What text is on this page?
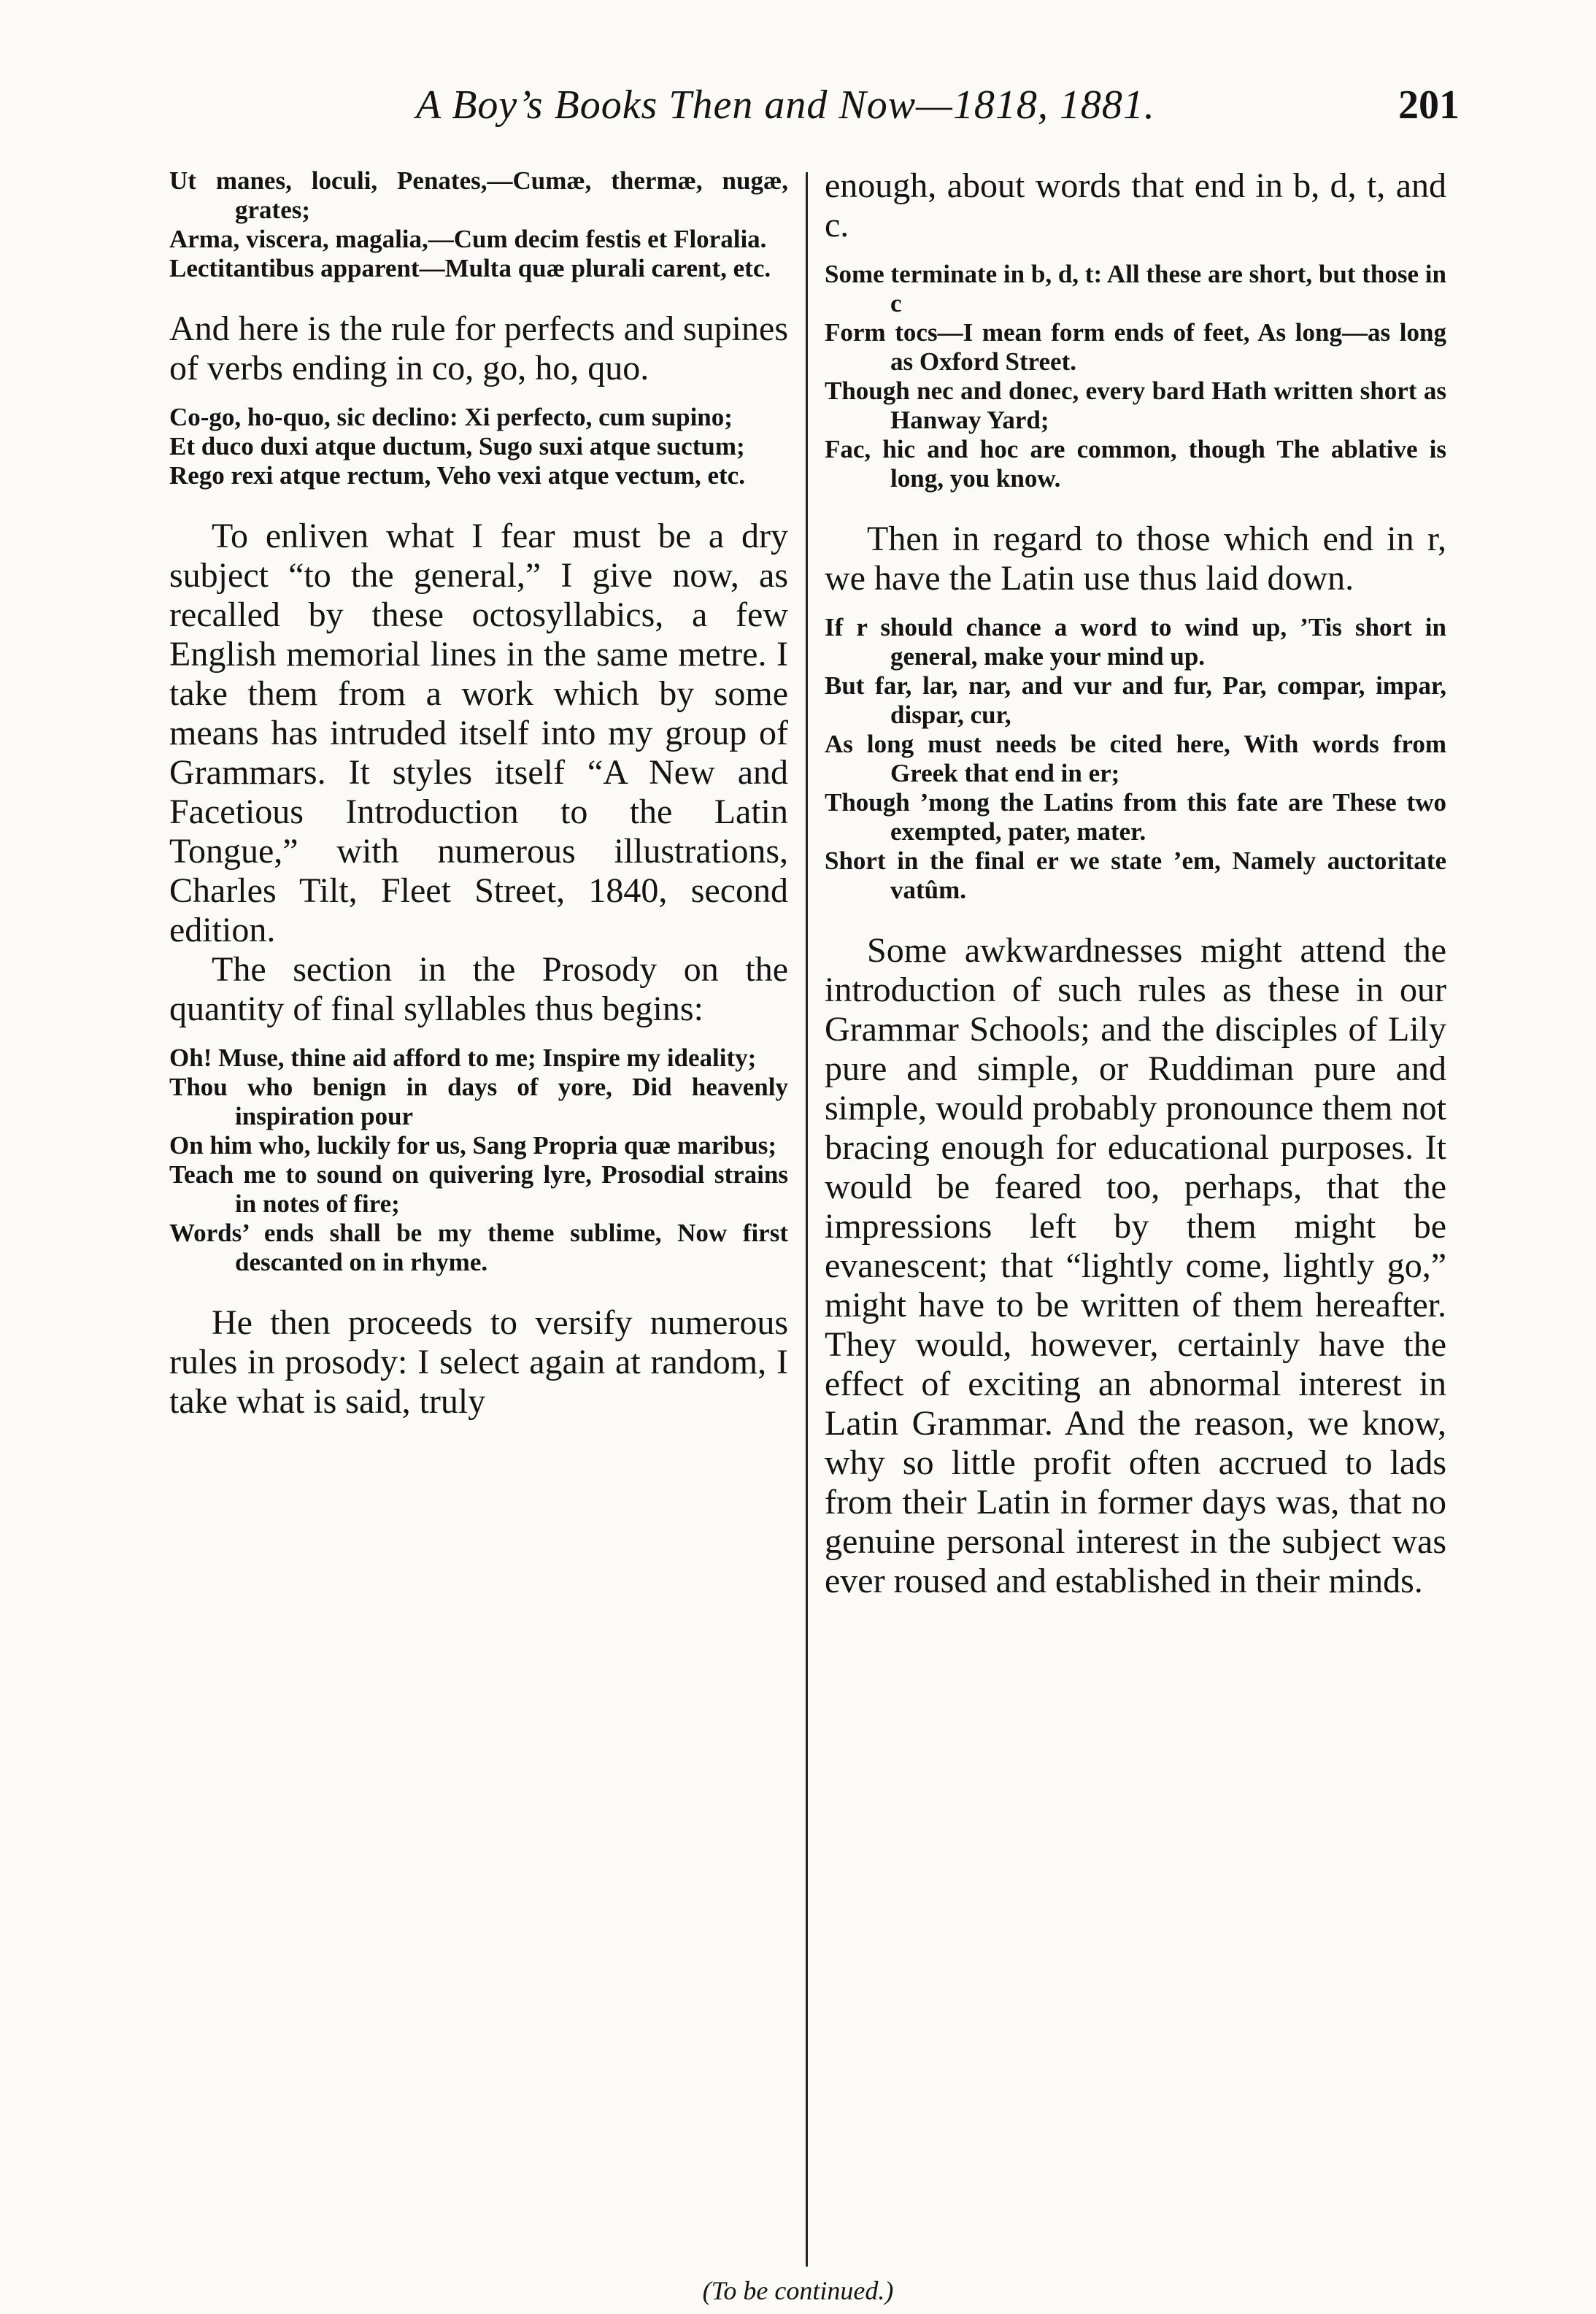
A Boy’s Books Then and Now—1818, 1881.	201
Ut manes, loculi, Penates,—Cumæ, thermæ, nugæ, grates;
Arma, viscera, magalia,—Cum decim festis et Floralia.
Lectitantibus apparent—Multa quæ plurali carent, etc.

And here is the rule for perfects and supines of verbs ending in co, go, ho, quo.

Co-go, ho-quo, sic declino: Xi perfecto, cum supino;
Et duco duxi atque ductum, Sugo suxi atque suctum;
Rego rexi atque rectum, Veho vexi atque vectum, etc.

To enliven what I fear must be a dry subject “to the general,” I give now, as recalled by these octosyllabics, a few English memorial lines in the same metre. I take them from a work which by some means has intruded itself into my group of Grammars. It styles itself “A New and Facetious Introduction to the Latin Tongue,” with numerous illustrations, Charles Tilt, Fleet Street, 1840, second edition.

The section in the Prosody on the quantity of final syllables thus begins:

Oh! Muse, thine aid afford to me; Inspire my ideality;
Thou who benign in days of yore, Did heavenly inspiration pour
On him who, luckily for us, Sang Propria quæ maribus;
Teach me to sound on quivering lyre, Prosodial strains in notes of fire;
Words’ ends shall be my theme sublime, Now first descanted on in rhyme.

He then proceeds to versify numerous rules in prosody: I select again at random, I take what is said, truly

enough, about words that end in b, d, t, and c.

Some terminate in b, d, t: All these are short, but those in c
Form tocs—I mean form ends of feet, As long—as long as Oxford Street.
Though nec and donec, every bard Hath written short as Hanway Yard;
Fac, hic and hoc are common, though The ablative is long, you know.

Then in regard to those which end in r, we have the Latin use thus laid down.

If r should chance a word to wind up, ’Tis short in general, make your mind up.
But far, lar, nar, and vur and fur, Par, compar, impar, dispar, cur,
As long must needs be cited here, With words from Greek that end in er;
Though ’mong the Latins from this fate are These two exempted, pater, mater.
Short in the final er we state ’em, Namely auctoritate vatûm.

Some awkwardnesses might attend the introduction of such rules as these in our Grammar Schools; and the disciples of Lily pure and simple, or Ruddiman pure and simple, would probably pronounce them not bracing enough for educational purposes. It would be feared too, perhaps, that the impressions left by them might be evanescent; that “lightly come, lightly go,” might have to be written of them hereafter. They would, however, certainly have the effect of exciting an abnormal interest in Latin Grammar. And the reason, we know, why so little profit often accrued to lads from their Latin in former days was, that no genuine personal interest in the subject was ever roused and established in their minds.

(To be continued.)
